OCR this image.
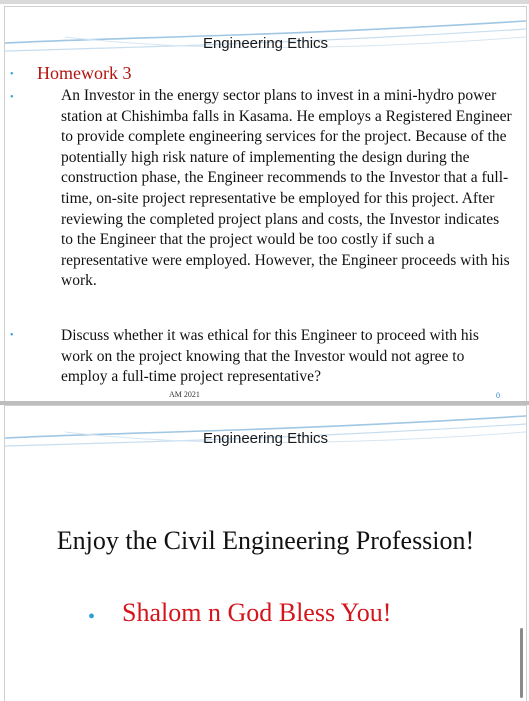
Engineering Ethics
• Homework 3
•	An Investor in the energy sector plans to invest in a mini-hydro power station at Chishimba falls in Kasama. He employs a Registered Engineer to provide complete engineering services for the project. Because of the potentially high risk nature of implementing the design during the construction phase, the Engineer recommends to the Investor that a full-time, on-site project representative be employed for this project. After reviewing the completed project plans and costs, the Investor indicates to the Engineer that the project would be too costly if such a representative were employed. However, the Engineer proceeds with his work.
•	Discuss whether it was ethical for this Engineer to proceed with his work on the project knowing that the Investor would not agree to employ a full-time project representative?
AM 2021	0
Engineering Ethics
Enjoy the Civil Engineering Profession!
• Shalom n God Bless You!
